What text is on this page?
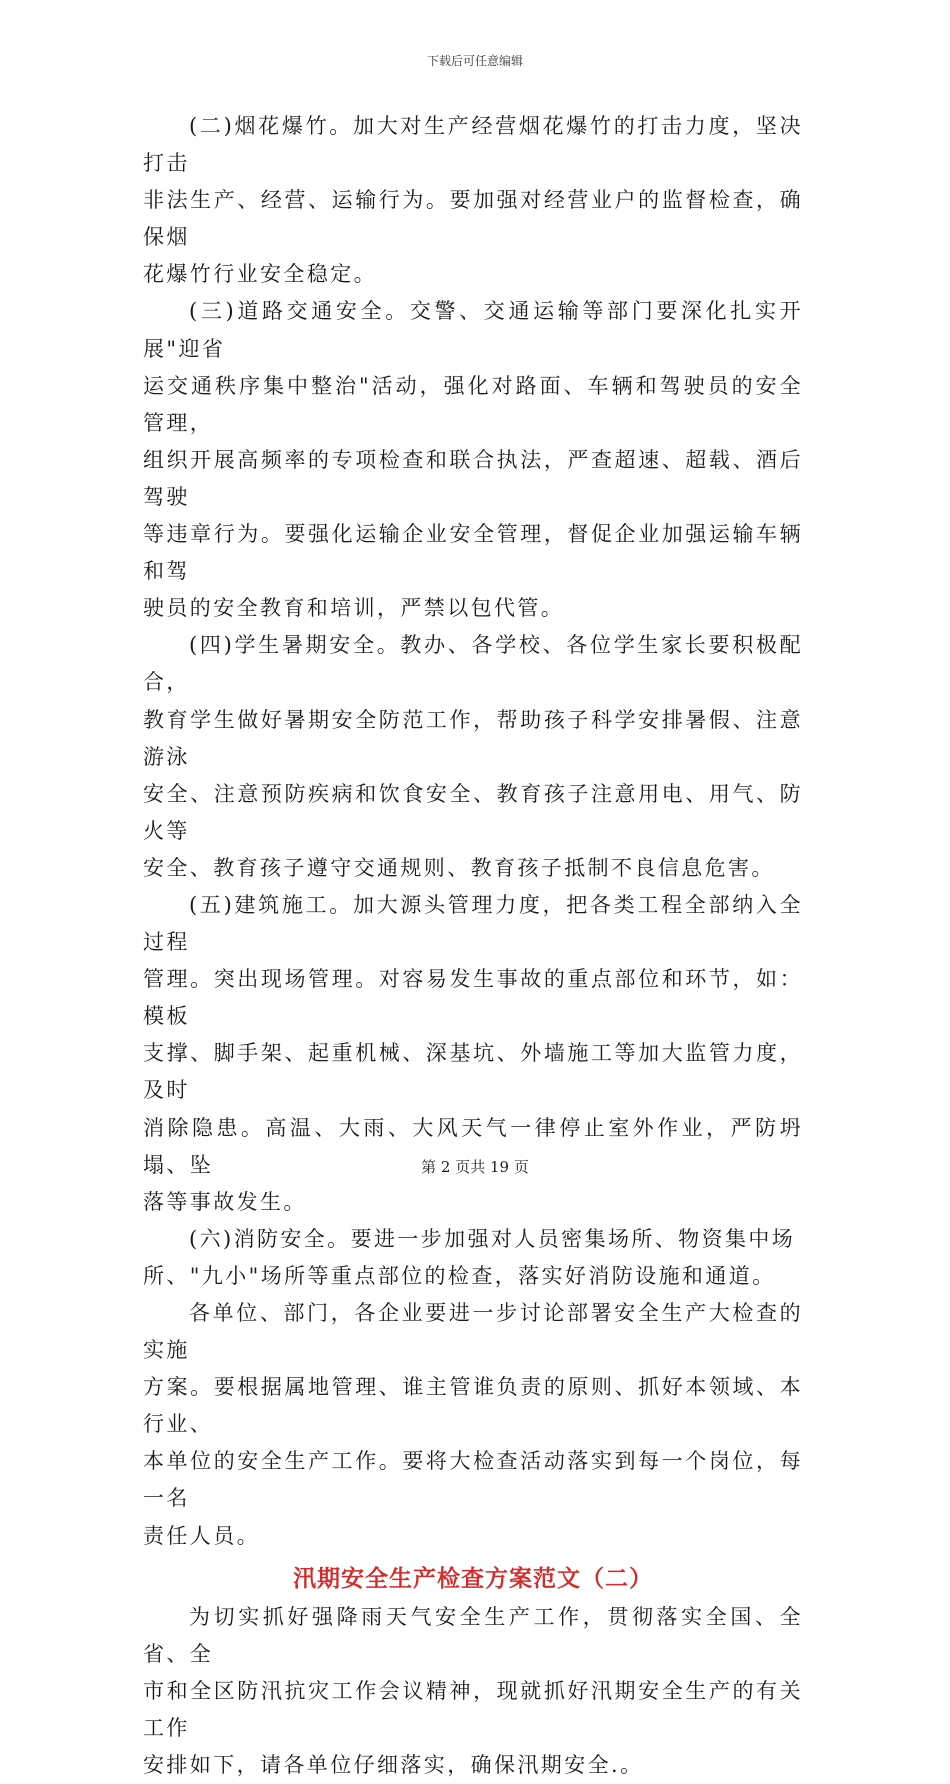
下载后可任意编辑

(二)烟花爆竹。加大对生产经营烟花爆竹的打击力度，坚决打击
非法生产、经营、运输行为。要加强对经营业户的监督检查，确保烟
花爆竹行业安全稳定。

(三)道路交通安全。交警、交通运输等部门要深化扎实开展"迎省
运交通秩序集中整治"活动，强化对路面、车辆和驾驶员的安全管理，
组织开展高频率的专项检查和联合执法，严查超速、超载、酒后驾驶
等违章行为。要强化运输企业安全管理，督促企业加强运输车辆和驾
驶员的安全教育和培训，严禁以包代管。

(四)学生暑期安全。教办、各学校、各位学生家长要积极配合，
教育学生做好暑期安全防范工作，帮助孩子科学安排暑假、注意游泳
安全、注意预防疾病和饮食安全、教育孩子注意用电、用气、防火等
安全、教育孩子遵守交通规则、教育孩子抵制不良信息危害。

(五)建筑施工。加大源头管理力度，把各类工程全部纳入全过程
管理。突出现场管理。对容易发生事故的重点部位和环节，如：模板
支撑、脚手架、起重机械、深基坑、外墙施工等加大监管力度，及时
消除隐患。高温、大雨、大风天气一律停止室外作业，严防坍塌、坠
落等事故发生。

(六)消防安全。要进一步加强对人员密集场所、物资集中场
所、"九小"场所等重点部位的检查，落实好消防设施和通道。

各单位、部门，各企业要进一步讨论部署安全生产大检查的实施
方案。要根据属地管理、谁主管谁负责的原则、抓好本领域、本行业、
本单位的安全生产工作。要将大检查活动落实到每一个岗位，每一名
责任人员。

汛期安全生产检查方案范文（二）

为切实抓好强降雨天气安全生产工作，贯彻落实全国、全省、全
市和全区防汛抗灾工作会议精神，现就抓好汛期安全生产的有关工作
安排如下，请各单位仔细落实，确保汛期安全.。

第 2 页共 19 页
